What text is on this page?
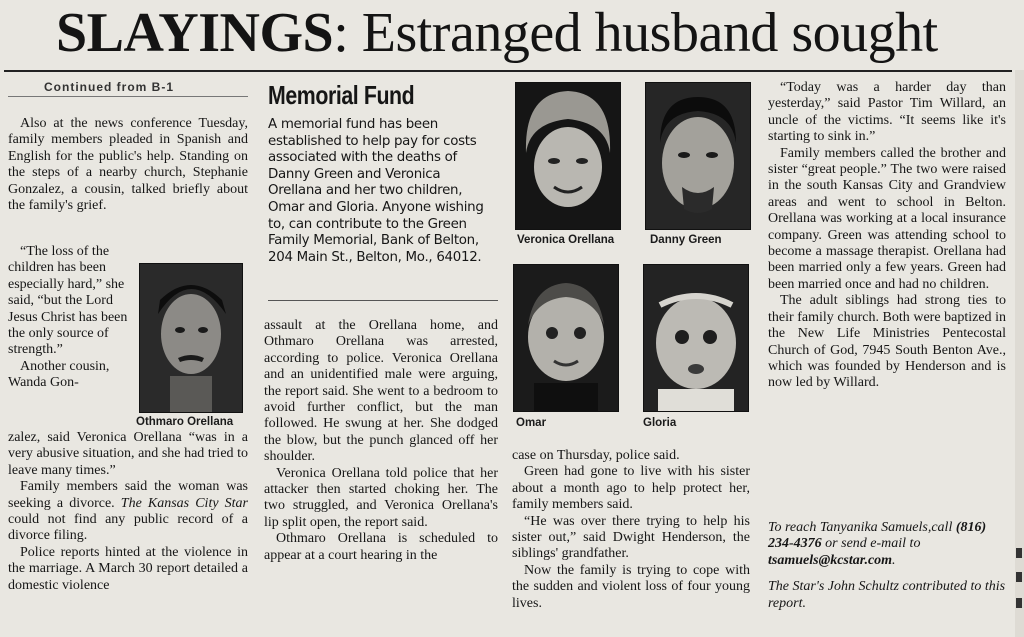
SLAYINGS: Estranged husband sought
Continued from B-1

Also at the news conference Tuesday, family members pleaded in Spanish and English for the public's help. Standing on the steps of a nearby church, Stephanie Gonzalez, a cousin, talked briefly about the family's grief.

“The loss of the children has been especially hard,” she said, “but the Lord Jesus Christ has been the only source of strength.”

Another cousin, Wanda Gon-

Othmaro Orellana

zalez, said Veronica Orellana “was in a very abusive situation, and she had tried to leave many times.”

Family members said the woman was seeking a divorce. The Kansas City Star could not find any public record of a divorce filing.

Police reports hinted at the violence in the marriage. A March 30 report detailed a domestic violence

Memorial Fund

A memorial fund has been established to help pay for costs associated with the deaths of Danny Green and Veronica Orellana and her two children, Omar and Gloria. Anyone wishing to, can contribute to the Green Family Memorial, Bank of Belton, 204 Main St., Belton, Mo., 64012.

assault at the Orellana home, and Othmaro Orellana was arrested, according to police. Veronica Orellana and an unidentified male were arguing, the report said. She went to a bedroom to avoid further conflict, but the man followed. He swung at her. She dodged the blow, but the punch glanced off her shoulder.

Veronica Orellana told police that her attacker then started choking her. The two struggled, and Veronica Orellana's lip split open, the report said.

Othmaro Orellana is scheduled to appear at a court hearing in the

Veronica Orellana	Danny Green
Omar	Gloria

case on Thursday, police said.

Green had gone to live with his sister about a month ago to help protect her, family members said.

“He was over there trying to help his sister out,” said Dwight Henderson, the siblings' grandfather.

Now the family is trying to cope with the sudden and violent loss of four young lives.

“Today was a harder day than yesterday,” said Pastor Tim Willard, an uncle of the victims. “It seems like it's starting to sink in.”

Family members called the brother and sister “great people.” The two were raised in the south Kansas City and Grandview areas and went to school in Belton. Orellana was working at a local insurance company. Green was attending school to become a massage therapist. Orellana had been married only a few years. Green had been married once and had no children.

The adult siblings had strong ties to their family church. Both were baptized in the New Life Ministries Pentecostal Church of God, 7945 South Benton Ave., which was founded by Henderson and is now led by Willard.

To reach Tanyanika Samuels,call (816) 234-4376 or send e-mail to tsamuels@kcstar.com.

The Star's John Schultz contributed to this report.
